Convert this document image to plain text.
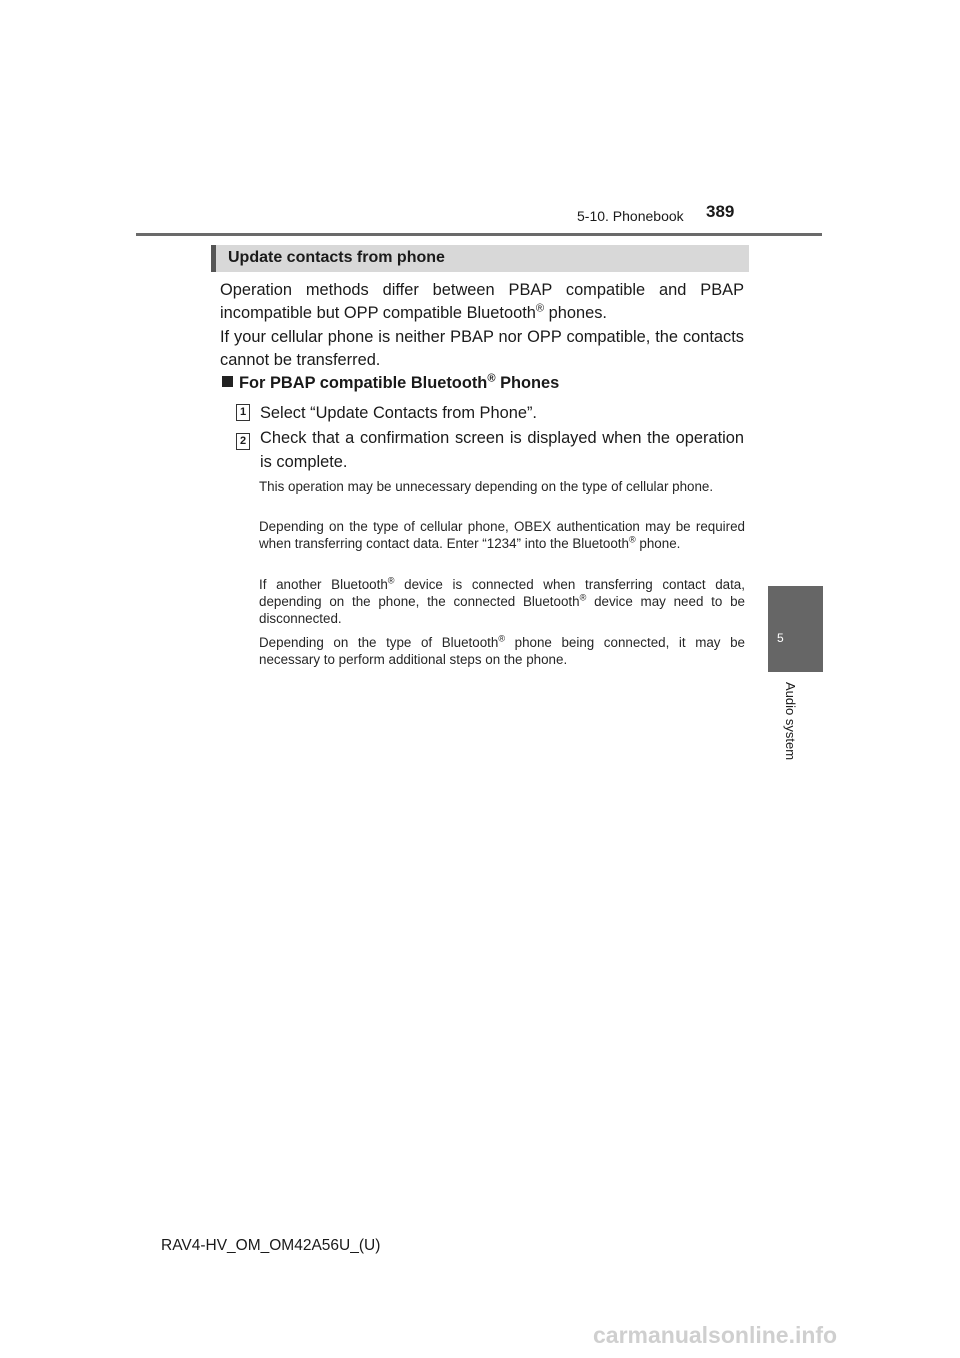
5-10. Phonebook 389
5
Audio system
Update contacts from phone

Operation methods differ between PBAP compatible and PBAP incompatible but OPP compatible Bluetooth® phones.

If your cellular phone is neither PBAP nor OPP compatible, the contacts cannot be transferred.

For PBAP compatible Bluetooth® Phones
1 Select “Update Contacts from Phone”.

2 Check that a confirmation screen is displayed when the operation is complete.

This operation may be unnecessary depending on the type of cellular phone.

Depending on the type of cellular phone, OBEX authentication may be required when transferring contact data. Enter “1234” into the Bluetooth® phone.

If another Bluetooth® device is connected when transferring contact data, depending on the phone, the connected Bluetooth® device may need to be disconnected.

Depending on the type of Bluetooth® phone being connected, it may be necessary to perform additional steps on the phone.

RAV4-HV_OM_OM42A56U_(U)
carmanualsonline.info
